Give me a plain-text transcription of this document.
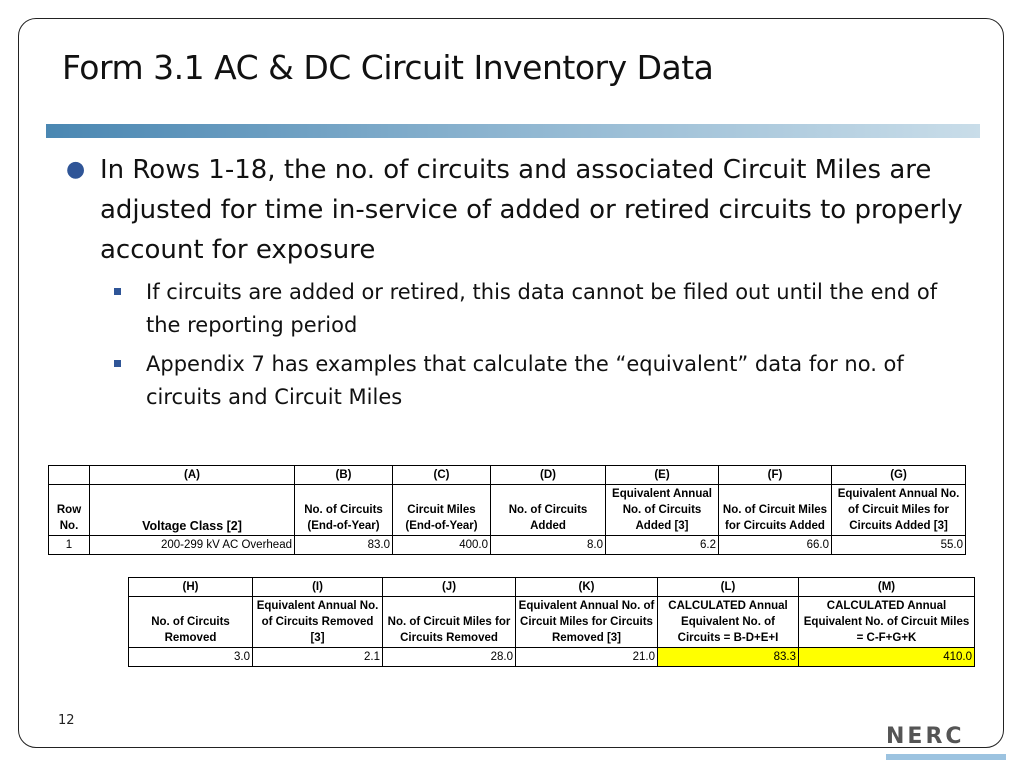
Form 3.1 AC & DC Circuit Inventory Data
● In Rows 1-18, the no. of circuits and associated Circuit Miles are adjusted for time in-service of added or retired circuits to properly account for exposure
If circuits are added or retired, this data cannot be filed out until the end of the reporting period
Appendix 7 has examples that calculate the “equivalent” data for no. of circuits and Circuit Miles
	(A)	(B)	(C)	(D)	(E)	(F)	(G)
Row No.	Voltage Class [2]	No. of Circuits (End-of-Year)	Circuit Miles (End-of-Year)	No. of Circuits Added	Equivalent Annual No. of Circuits Added [3]	No. of Circuit Miles for Circuits Added	Equivalent Annual No. of Circuit Miles for Circuits Added [3]
1	200-299 kV AC Overhead	83.0	400.0	8.0	6.2	66.0	55.0
(H)	(I)	(J)	(K)	(L)	(M)
No. of Circuits Removed	Equivalent Annual No. of Circuits Removed [3]	No. of Circuit Miles for Circuits Removed	Equivalent Annual No. of Circuit Miles for Circuits Removed [3]	CALCULATED Annual Equivalent No. of Circuits = B-D+E+I	CALCULATED Annual Equivalent No. of Circuit Miles = C-F+G+K
3.0	2.1	28.0	21.0	83.3	410.0
12
NERC
